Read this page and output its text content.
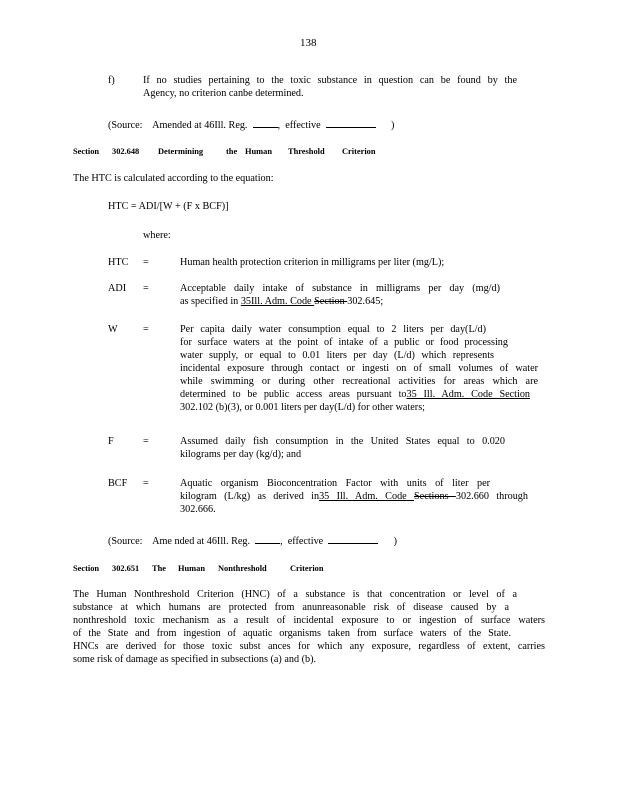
138
f)	If no studies pertaining to the toxic substance in question can be found by the
Agency, no criterion canbe determined.
(Source: Amended at 46Ill. Reg.	,  effective	)
Section 302.648 Determining	the Human Threshold Criterion
The HTC is calculated according to the equation:
HTC = ADI/[W + (F x BCF)]
where:
HTC =	Human health protection criterion in milligrams per liter (mg/L);
ADI =	Acceptable daily intake of substance in milligrams per day (mg/d)
as specified in 35Ill. Adm. Code Section 302.645;
W =	Per capita daily water consumption equal to 2 liters per day(L/d)
for surface waters at the point of intake of a public or food processing
water supply, or equal to 0.01 liters per day (L/d) which represents
incidental exposure through contact or ingesti on of small volumes of water
while swimming or during other recreational activities for areas which are
determined to be public access areas pursuant to35 Ill. Adm. Code Section
302.102 (b)(3), or 0.001 liters per day(L/d) for other waters;
F	=	Assumed daily fish consumption in the United States equal to 0.020
kilograms per day (kg/d); and
BCF =	Aquatic organism Bioconcentration Factor with units of liter per
kilogram (L/kg) as derived in35 Ill. Adm. Code Sections 302.660 through
302.666.
(Source: Ame nded at 46Ill. Reg.	,  effective	)
Section 302.651 The Human Nonthreshold	Criterion
The Human Nonthreshold Criterion (HNC) of a substance is that concentration or level of a
substance at which humans are protected from anunreasonable risk of disease caused by a
nonthreshold toxic mechanism as a result of incidental exposure to or ingestion of surface waters
of the State and from ingestion of aquatic organisms taken from surface waters of the State.
HNCs are derived for those toxic subst ances for which any exposure, regardless of extent, carries
some risk of damage as specified in subsections (a) and (b).
